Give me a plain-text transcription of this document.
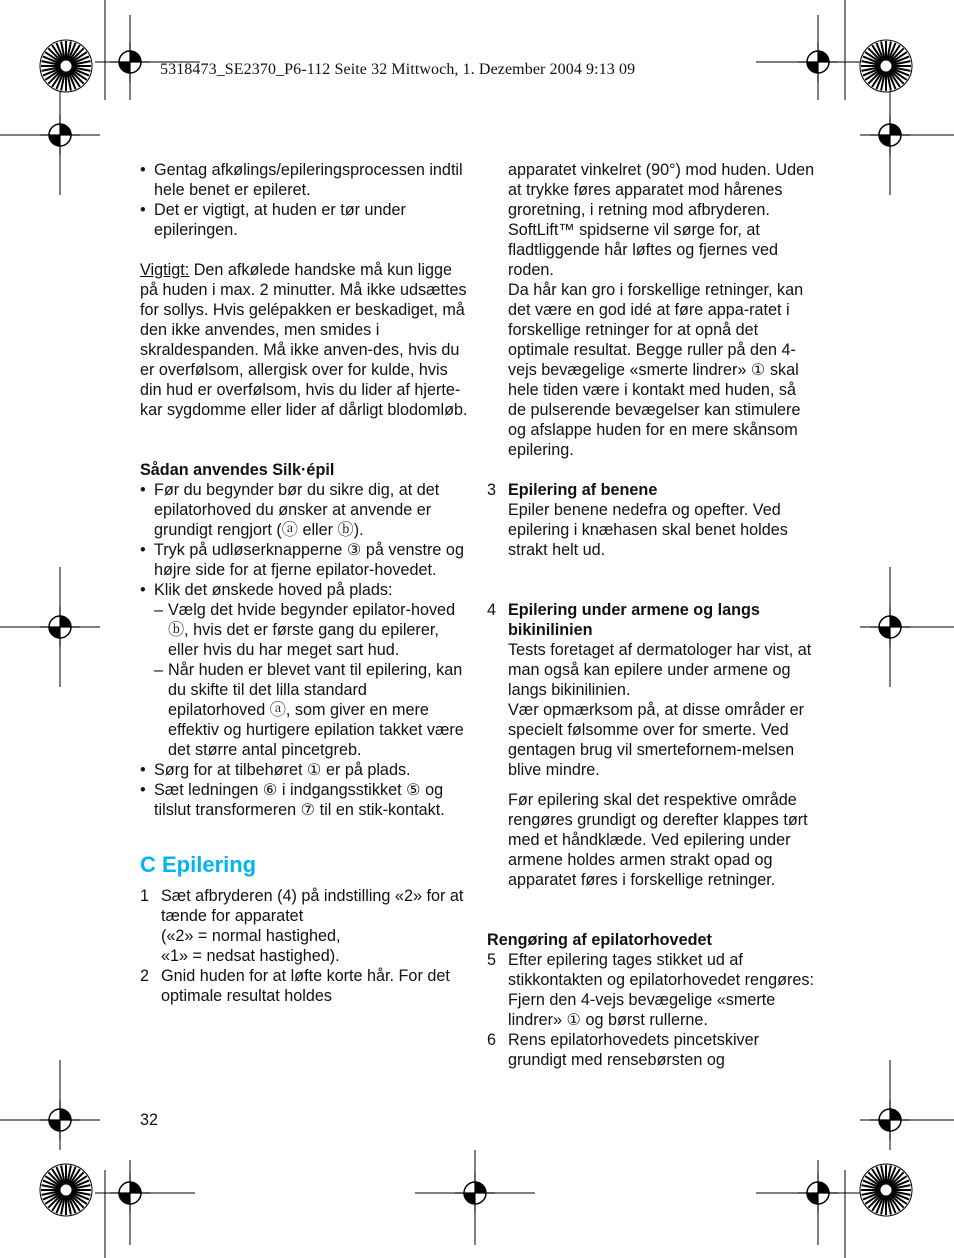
5318473_SE2370_P6-112 Seite 32 Mittwoch, 1. Dezember 2004 9:13 09

• Gentag afkølings/epileringsprocessen indtil hele benet er epileret.

• Det er vigtigt, at huden er tør under epileringen.

Vigtigt: Den afkølede handske må kun ligge på huden i max. 2 minutter. Må ikke udsættes for sollys. Hvis gelépakken er beskadiget, må den ikke anvendes, men smides i skraldespanden. Må ikke anven-des, hvis du er overfølsom, allergisk over for kulde, hvis din hud er overfølsom, hvis du lider af hjerte-kar sygdomme eller lider af dårligt blodomløb.

Sådan anvendes Silk·épil

• Før du begynder bør du sikre dig, at det epilatorhoved du ønsker at anvende er grundigt rengjort (ⓐ eller ⓑ).

• Tryk på udløserknapperne ③ på venstre og højre side for at fjerne epilator-hovedet.

• Klik det ønskede hoved på plads:

– Vælg det hvide begynder epilator-hoved ⓑ, hvis det er første gang du epilerer, eller hvis du har meget sart hud.

– Når huden er blevet vant til epilering, kan du skifte til det lilla standard epilatorhoved ⓐ, som giver en mere effektiv og hurtigere epilation takket være det større antal pincetgreb.

• Sørg for at tilbehøret ① er på plads.

• Sæt ledningen ⑥ i indgangsstikket ⑤ og tilslut transformeren ⑦ til en stik-kontakt.

C Epilering

1 Sæt afbryderen (4) på indstilling «2» for at tænde for apparatet

(«2» = normal hastighed,

«1» = nedsat hastighed).

2 Gnid huden for at løfte korte hår. For det optimale resultat holdes

apparatet vinkelret (90°) mod huden. Uden at trykke føres apparatet mod hårenes groretning, i retning mod afbryderen. SoftLift™ spidserne vil sørge for, at fladtliggende hår løftes og fjernes ved roden.

Da hår kan gro i forskellige retninger, kan det være en god idé at føre appa-ratet i forskellige retninger for at opnå det optimale resultat. Begge ruller på den 4-vejs bevægelige «smerte lindrer» ① skal hele tiden være i kontakt med huden, så de pulserende bevægelser kan stimulere og afslappe huden for en mere skånsom epilering.

3 Epilering af benene

Epiler benene nedefra og opefter. Ved epilering i knæhasen skal benet holdes strakt helt ud.

4 Epilering under armene og langs bikinilinien

Tests foretaget af dermatologer har vist, at man også kan epilere under armene og langs bikinilinien.

Vær opmærksom på, at disse områder er specielt følsomme over for smerte. Ved gentagen brug vil smertefornem-melsen blive mindre.

Før epilering skal det respektive område rengøres grundigt og derefter klappes tørt med et håndklæde. Ved epilering under armene holdes armen strakt opad og apparatet føres i forskellige retninger.

Rengøring af epilatorhovedet

5 Efter epilering tages stikket ud af stikkontakten og epilatorhovedet rengøres:

Fjern den 4-vejs bevægelige «smerte lindrer» ① og børst rullerne.

6 Rens epilatorhovedets pincetskiver grundigt med rensebørsten og

32
